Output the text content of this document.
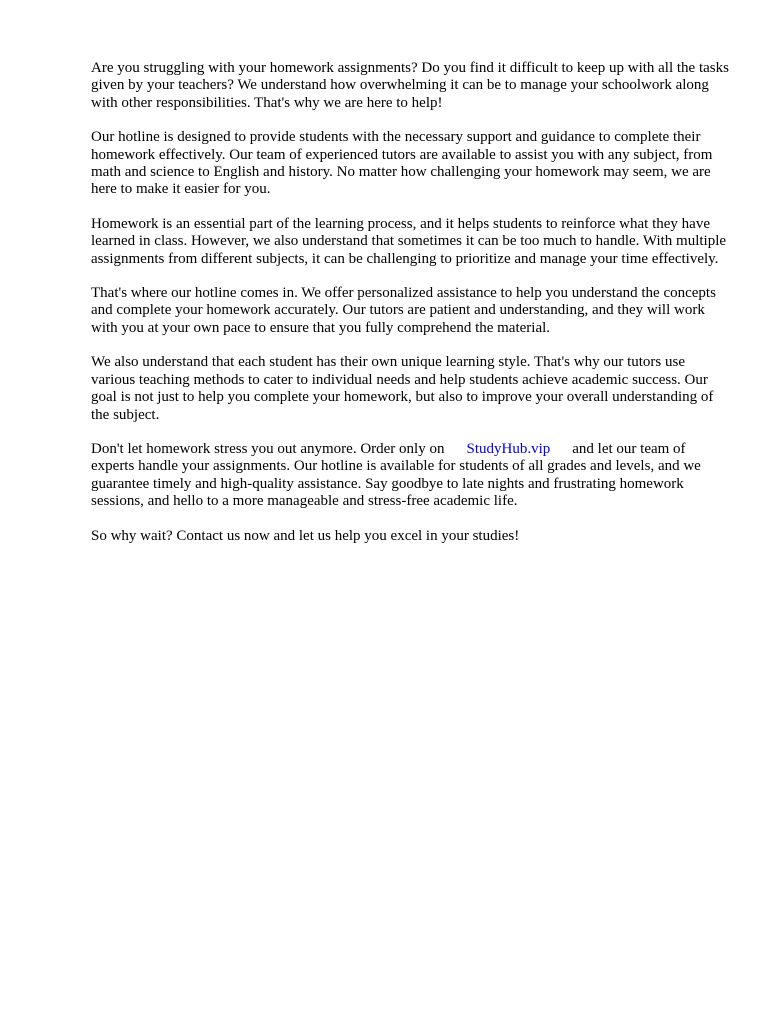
Are you struggling with your homework assignments? Do you find it difficult to keep up with all the tasks given by your teachers? We understand how overwhelming it can be to manage your schoolwork along with other responsibilities. That's why we are here to help!

Our hotline is designed to provide students with the necessary support and guidance to complete their homework effectively. Our team of experienced tutors are available to assist you with any subject, from math and science to English and history. No matter how challenging your homework may seem, we are here to make it easier for you.

Homework is an essential part of the learning process, and it helps students to reinforce what they have learned in class. However, we also understand that sometimes it can be too much to handle. With multiple assignments from different subjects, it can be challenging to prioritize and manage your time effectively.

That's where our hotline comes in. We offer personalized assistance to help you understand the concepts and complete your homework accurately. Our tutors are patient and understanding, and they will work with you at your own pace to ensure that you fully comprehend the material.

We also understand that each student has their own unique learning style. That's why our tutors use various teaching methods to cater to individual needs and help students achieve academic success. Our goal is not just to help you complete your homework, but also to improve your overall understanding of the subject.

Don't let homework stress you out anymore. Order only on StudyHub.vip and let our team of experts handle your assignments. Our hotline is available for students of all grades and levels, and we guarantee timely and high-quality assistance. Say goodbye to late nights and frustrating homework sessions, and hello to a more manageable and stress-free academic life.

So why wait? Contact us now and let us help you excel in your studies!
